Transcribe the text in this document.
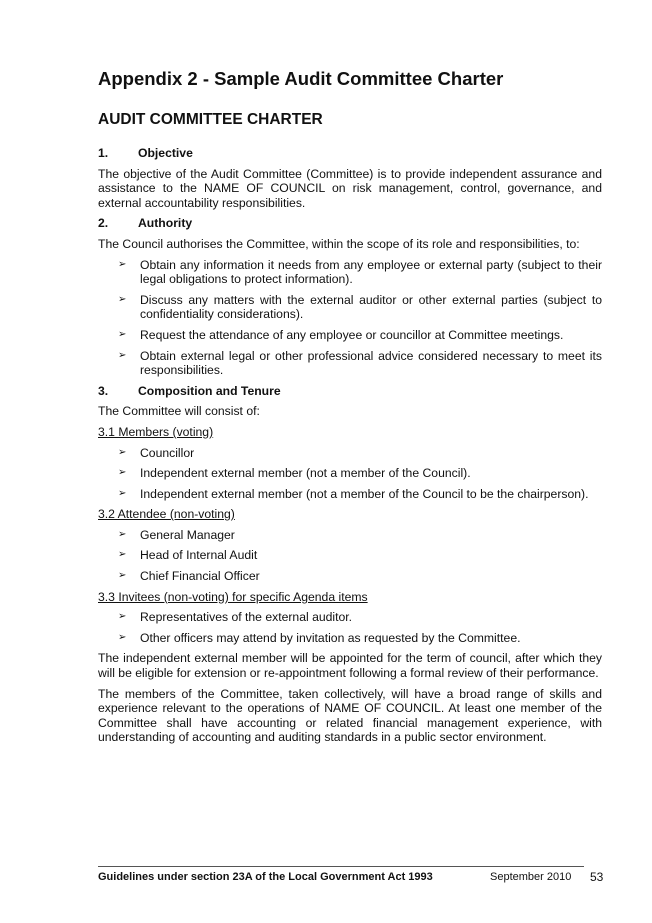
Appendix 2 - Sample Audit Committee Charter
AUDIT COMMITTEE CHARTER
1. Objective

The objective of the Audit Committee (Committee) is to provide independent assurance and assistance to the NAME OF COUNCIL on risk management, control, governance, and external accountability responsibilities.

2. Authority

The Council authorises the Committee, within the scope of its role and responsibilities, to:

➢ Obtain any information it needs from any employee or external party (subject to their legal obligations to protect information).
➢ Discuss any matters with the external auditor or other external parties (subject to confidentiality considerations).
➢ Request the attendance of any employee or councillor at Committee meetings.
➢ Obtain external legal or other professional advice considered necessary to meet its responsibilities.
3. Composition and Tenure

The Committee will consist of:

3.1 Members (voting)
➢ Councillor
➢ Independent external member (not a member of the Council).
➢ Independent external member (not a member of the Council to be the chairperson).
3.2 Attendee (non-voting)
➢ General Manager
➢ Head of Internal Audit
➢ Chief Financial Officer
3.3 Invitees (non-voting) for specific Agenda items
➢ Representatives of the external auditor.
➢ Other officers may attend by invitation as requested by the Committee.

The independent external member will be appointed for the term of council, after which they will be eligible for extension or re-appointment following a formal review of their performance.

The members of the Committee, taken collectively, will have a broad range of skills and experience relevant to the operations of NAME OF COUNCIL. At least one member of the Committee shall have accounting or related financial management experience, with understanding of accounting and auditing standards in a public sector environment.

Guidelines under section 23A of the Local Government Act 1993	September 2010 53
